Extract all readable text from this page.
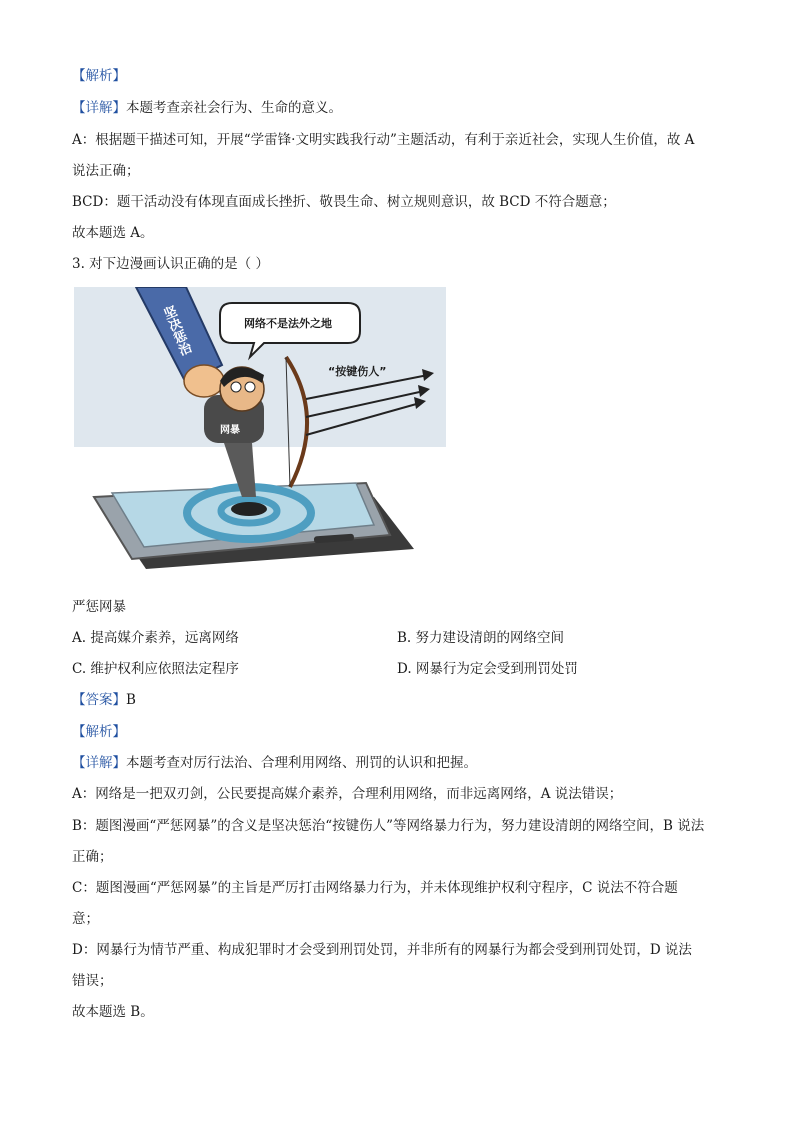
【解析】
【详解】本题考查亲社会行为、生命的意义。
A：根据题干描述可知，开展“学雷锋·文明实践我行动”主题活动，有利于亲近社会，实现人生价值，故 A
说法正确；
BCD：题干活动没有体现直面成长挫折、敬畏生命、树立规则意识，故 BCD 不符合题意；
故本题选 A。
3. 对下边漫画认识正确的是（ ）
坚决惩治
网暴
“按键伤人”
网络不是法外之地
严惩网暴
A. 提高媒介素养，远离网络	B. 努力建设清朗的网络空间
C. 维护权利应依照法定程序	D. 网暴行为定会受到刑罚处罚
【答案】B
【解析】
【详解】本题考查对厉行法治、合理利用网络、刑罚的认识和把握。
A：网络是一把双刃剑，公民要提高媒介素养，合理利用网络，而非远离网络，A 说法错误；
B：题图漫画“严惩网暴”的含义是坚决惩治“按键伤人”等网络暴力行为，努力建设清朗的网络空间，B 说法
正确；
C：题图漫画“严惩网暴”的主旨是严厉打击网络暴力行为，并未体现维护权利守程序，C 说法不符合题
意；
D：网暴行为情节严重、构成犯罪时才会受到刑罚处罚，并非所有的网暴行为都会受到刑罚处罚，D 说法
错误；
故本题选 B。
